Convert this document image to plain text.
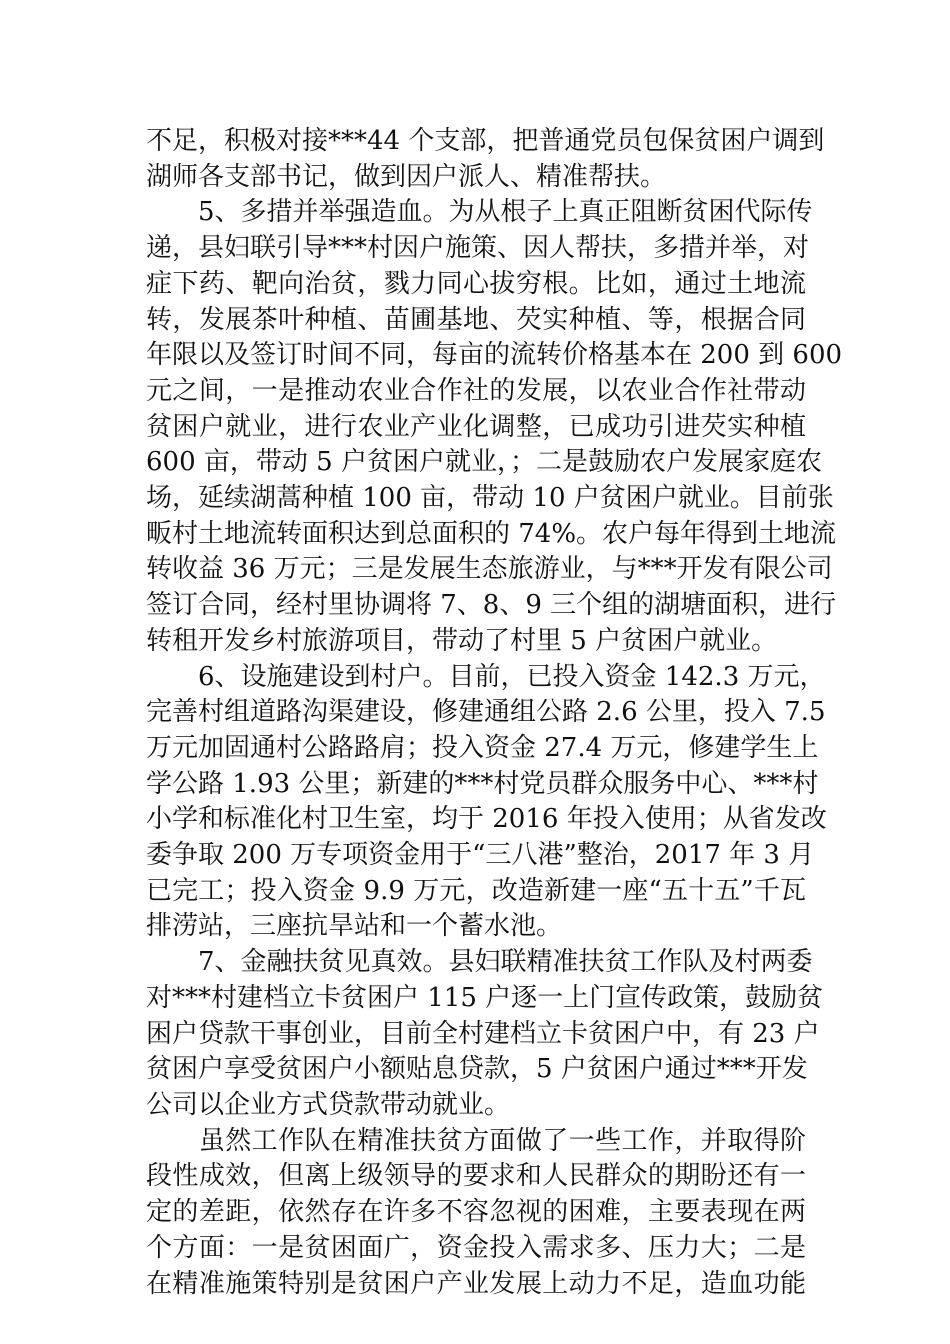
不足，积极对接***44 个支部，把普通党员包保贫困户调到
湖师各支部书记，做到因户派人、精准帮扶。
　　5、多措并举强造血。为从根子上真正阻断贫困代际传
递，县妇联引导***村因户施策、因人帮扶，多措并举，对
症下药、靶向治贫，戮力同心拔穷根。比如，通过土地流
转，发展茶叶种植、苗圃基地、芡实种植、等，根据合同
年限以及签订时间不同，每亩的流转价格基本在 200 到 600
元之间，一是推动农业合作社的发展，以农业合作社带动
贫困户就业，进行农业产业化调整，已成功引进芡实种植
600 亩，带动 5 户贫困户就业，；二是鼓励农户发展家庭农
场，延续湖蒿种植 100 亩，带动 10 户贫困户就业。目前张
畈村土地流转面积达到总面积的 74%。农户每年得到土地流
转收益 36 万元；三是发展生态旅游业，与***开发有限公司
签订合同，经村里协调将 7、8、9 三个组的湖塘面积，进行
转租开发乡村旅游项目，带动了村里 5 户贫困户就业。
　　6、设施建设到村户。目前，已投入资金 142.3 万元，
完善村组道路沟渠建设，修建通组公路 2.6 公里，投入 7.5
万元加固通村公路路肩；投入资金 27.4 万元，修建学生上
学公路 1.93 公里；新建的***村党员群众服务中心、***村
小学和标准化村卫生室，均于 2016 年投入使用；从省发改
委争取 200 万专项资金用于“三八港”整治，2017 年 3 月
已完工；投入资金 9.9 万元，改造新建一座“五十五”千瓦
排涝站，三座抗旱站和一个蓄水池。
　　7、金融扶贫见真效。县妇联精准扶贫工作队及村两委
对***村建档立卡贫困户 115 户逐一上门宣传政策，鼓励贫
困户贷款干事创业，目前全村建档立卡贫困户中，有 23 户
贫困户享受贫困户小额贴息贷款，5 户贫困户通过***开发
公司以企业方式贷款带动就业。
　　虽然工作队在精准扶贫方面做了一些工作，并取得阶
段性成效，但离上级领导的要求和人民群众的期盼还有一
定的差距，依然存在许多不容忽视的困难，主要表现在两
个方面：一是贫困面广，资金投入需求多、压力大；二是
在精准施策特别是贫困户产业发展上动力不足，造血功能
